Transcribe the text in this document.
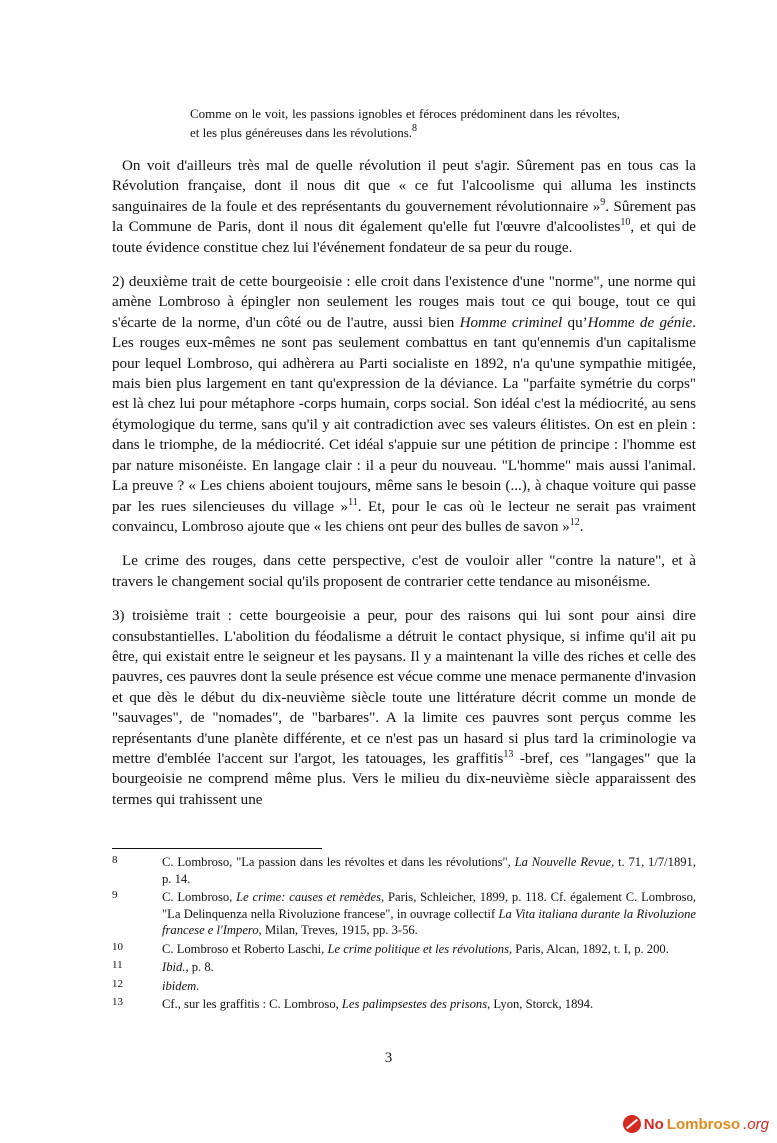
Comme on le voit, les passions ignobles et féroces prédominent dans les révoltes, et les plus généreuses dans les révolutions.$^8$

On voit d'ailleurs très mal de quelle révolution il peut s'agir. Sûrement pas en tous cas la Révolution française, dont il nous dit que « ce fut l'alcoolisme qui alluma les instincts sanguinaires de la foule et des représentants du gouvernement révolutionnaire »$^9$. Sûrement pas la Commune de Paris, dont il nous dit également qu'elle fut l'œuvre d'alcoolistes$^{10}$, et qui de toute évidence constitue chez lui l'événement fondateur de sa peur du rouge.

2) deuxième trait de cette bourgeoisie : elle croit dans l'existence d'une "norme", une norme qui amène Lombroso à épingler non seulement les rouges mais tout ce qui bouge, tout ce qui s'écarte de la norme, d'un côté ou de l'autre, aussi bien Homme criminel qu’Homme de génie. Les rouges eux-mêmes ne sont pas seulement combattus en tant qu'ennemis d'un capitalisme pour lequel Lombroso, qui adhèrera au Parti socialiste en 1892, n'a qu'une sympathie mitigée, mais bien plus largement en tant qu'expression de la déviance. La "parfaite symétrie du corps" est là chez lui pour métaphore -corps humain, corps social. Son idéal c'est la médiocrité, au sens étymologique du terme, sans qu'il y ait contradiction avec ses valeurs élitistes. On est en plein : dans le triomphe, de la médiocrité. Cet idéal s'appuie sur une pétition de principe : l'homme est par nature misonéiste. En langage clair : il a peur du nouveau. "L'homme" mais aussi l'animal. La preuve ? « Les chiens aboient toujours, même sans le besoin (...), à chaque voiture qui passe par les rues silencieuses du village »$^{11}$. Et, pour le cas où le lecteur ne serait pas vraiment convaincu, Lombroso ajoute que « les chiens ont peur des bulles de savon »$^{12}$.

Le crime des rouges, dans cette perspective, c'est de vouloir aller "contre la nature", et à travers le changement social qu'ils proposent de contrarier cette tendance au misonéisme.

3) troisième trait : cette bourgeoisie a peur, pour des raisons qui lui sont pour ainsi dire consubstantielles. L'abolition du féodalisme a détruit le contact physique, si infime qu'il ait pu être, qui existait entre le seigneur et les paysans. Il y a maintenant la ville des riches et celle des pauvres, ces pauvres dont la seule présence est vécue comme une menace permanente d'invasion et que dès le début du dix-neuvième siècle toute une littérature décrit comme un monde de "sauvages", de "nomades", de "barbares". A la limite ces pauvres sont perçus comme les représentants d'une planète différente, et ce n'est pas un hasard si plus tard la criminologie va mettre d'emblée l'accent sur l'argot, les tatouages, les graffitis$^{13}$ -bref, ces "langages" que la bourgeoisie ne comprend même plus. Vers le milieu du dix-neuvième siècle apparaissent des termes qui trahissent une

8	C. Lombroso, "La passion dans les révoltes et dans les révolutions", La Nouvelle Revue, t. 71, 1/7/1891, p. 14.
9	C. Lombroso, Le crime: causes et remèdes, Paris, Schleicher, 1899, p. 118. Cf. également C. Lombroso, "La Delinquenza nella Rivoluzione francese", in ouvrage collectif La Vita italiana durante la Rivoluzione francese e l'Impero, Milan, Treves, 1915, pp. 3-56.
10	C. Lombroso et Roberto Laschi, Le crime politique et les révolutions, Paris, Alcan, 1892, t. I, p. 200.
11	Ibid., p. 8.
12	ibidem.
13	Cf., sur les graffitis : C. Lombroso, Les palimpsestes des prisons, Lyon, Storck, 1894.
3
No Lombroso .org
